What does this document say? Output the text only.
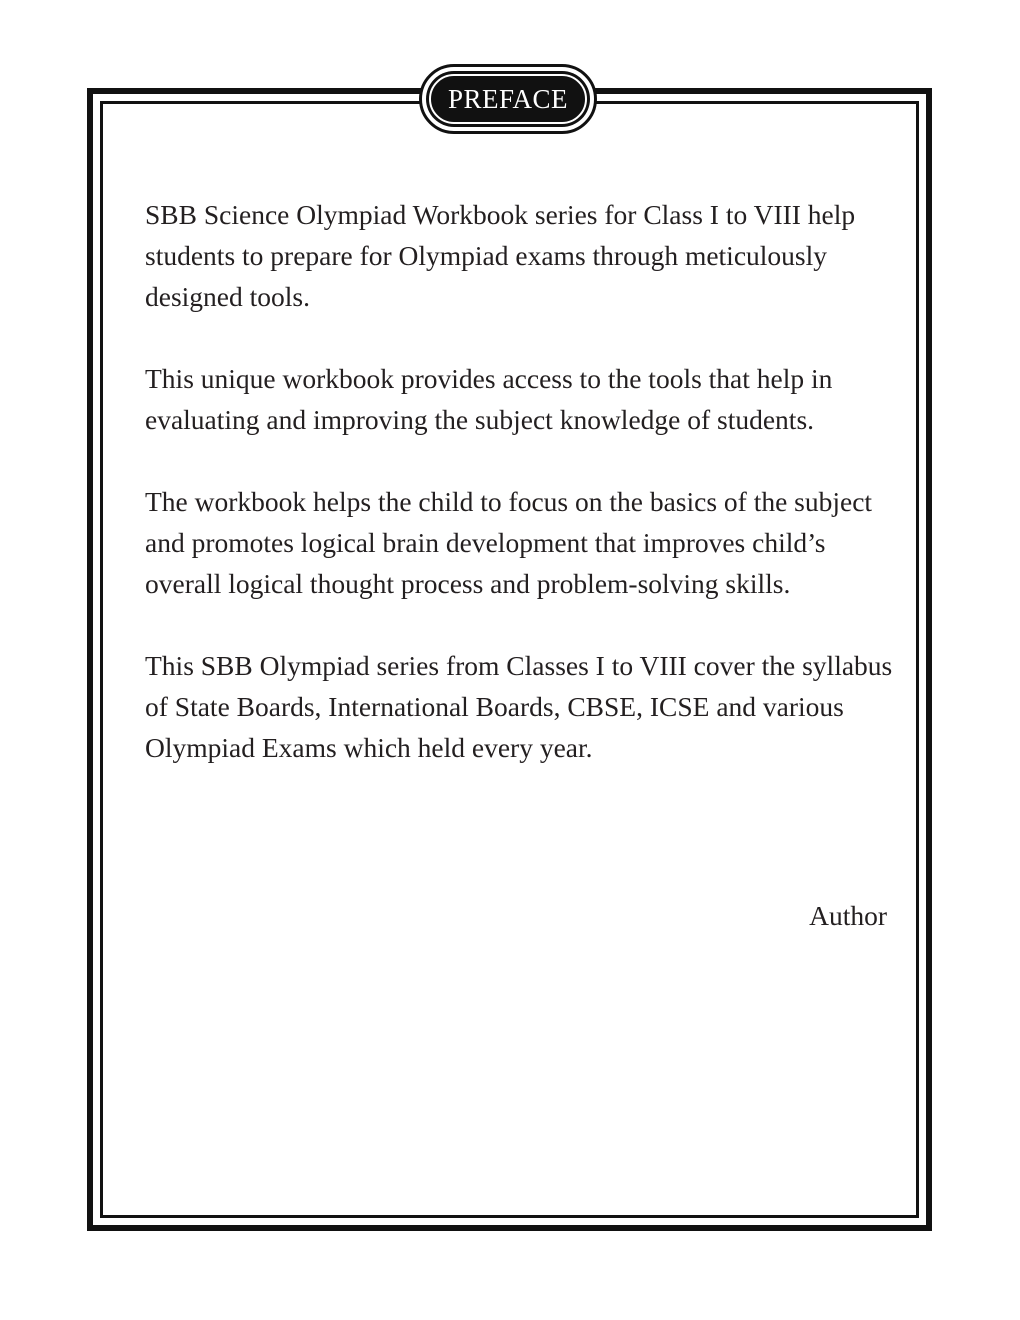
PREFACE

SBB Science Olympiad Workbook series for Class I to VIII help students to prepare for Olympiad exams through meticulously designed tools.

This unique workbook provides access to the tools that help in evaluating and improving the subject knowledge of students.

The workbook helps the child to focus on the basics of the subject and promotes logical brain development that improves child’s overall logical thought process and problem-solving skills.

This SBB Olympiad series from Classes I to VIII cover the syllabus of State Boards, International Boards, CBSE, ICSE and various Olympiad Exams which held every year.

Author
